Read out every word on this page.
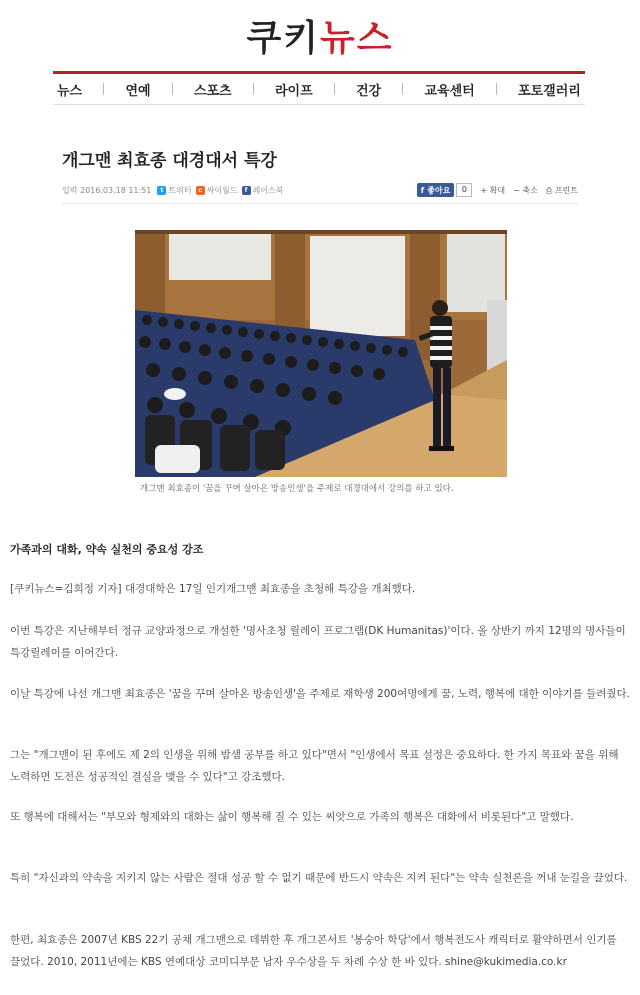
쿠키뉴스
뉴스	연예	스포츠	라이프	건강	교육센터	포토갤러리
개그맨 최효종 대경대서 특강
입력 2016.03.18 11:51	t 트위터	c 싸이월드	f 페이스북	f 좋아요	0	+ 확대 − 축소 ⎙ 프린트
개그맨 최효종이 '꿈을 꾸며 살아온 방송인생'을 주제로 대경대에서 강의를 하고 있다.
가족과의 대화, 약속 실천의 중요성 강조

[쿠키뉴스=김희정 기자] 대경대학은 17일 인기개그맨 최효종을 초청해 특강을 개최했다.

이번 특강은 지난해부터 정규 교양과정으로 개설한 '명사초청 릴레이 프로그램(DK Humanitas)'이다. 올 상반기 까지 12명의 명사들이 특강릴레이를 이어간다.

이날 특강에 나선 개그맨 최효종은 '꿈을 꾸며 살아온 방송인생'을 주제로 재학생 200여명에게 꿈, 노력, 행복에 대한 이야기를 들려줬다.

그는 "개그맨이 된 후에도 제 2의 인생을 위해 밤샘 공부를 하고 있다"면서 "인생에서 목표 설정은 중요하다. 한 가지 목표와 꿈을 위해 노력하면 도전은 성공적인 결실을 맺을 수 있다"고 강조했다.

또 행복에 대해서는 "부모와 형제와의 대화는 삶이 행복해 질 수 있는 씨앗으로 가족의 행복은 대화에서 비롯된다"고 말했다.

특히 "자신과의 약속을 지키지 않는 사람은 절대 성공 할 수 없기 때문에 반드시 약속은 지켜 된다"는 약속 실천론을 꺼내 눈길을 끌었다.

한편, 최효종은 2007년 KBS 22기 공채 개그맨으로 데뷔한 후 개그콘서트 '봉숭아 학당'에서 행복전도사 캐릭터로 활약하면서 인기를 끌었다. 2010, 2011년에는 KBS 연예대상 코미디부문 남자 우수상을 두 차례 수상 한 바 있다. shine@kukimedia.co.kr
